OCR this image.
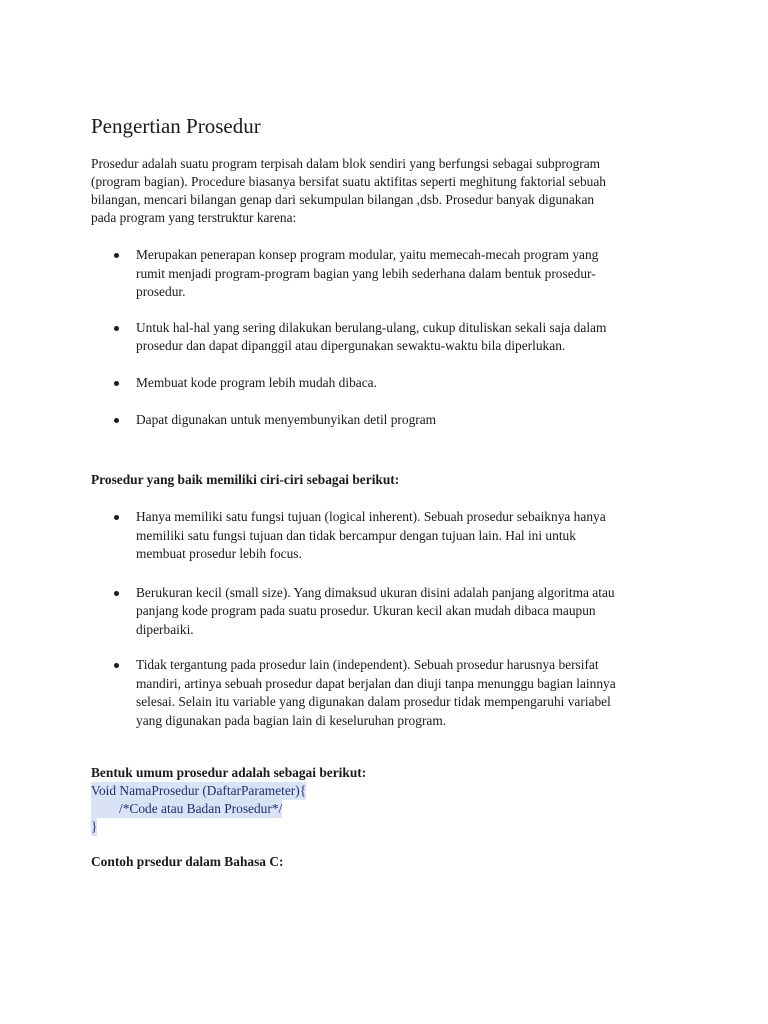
Pengertian Prosedur

Prosedur adalah suatu program terpisah dalam blok sendiri yang berfungsi sebagai subprogram
(program bagian). Procedure biasanya bersifat suatu aktifitas seperti meghitung faktorial sebuah
bilangan, mencari bilangan genap dari sekumpulan bilangan ,dsb. Prosedur banyak digunakan
pada program yang terstruktur karena:

Merupakan penerapan konsep program modular, yaitu memecah-mecah program yang
rumit menjadi program-program bagian yang lebih sederhana dalam bentuk prosedur-
prosedur.
Untuk hal-hal yang sering dilakukan berulang-ulang, cukup dituliskan sekali saja dalam
prosedur dan dapat dipanggil atau dipergunakan sewaktu-waktu bila diperlukan.
Membuat kode program lebih mudah dibaca.
Dapat digunakan untuk menyembunyikan detil program

Prosedur yang baik memiliki ciri-ciri sebagai berikut:

Hanya memiliki satu fungsi tujuan (logical inherent). Sebuah prosedur sebaiknya hanya
memiliki satu fungsi tujuan dan tidak bercampur dengan tujuan lain. Hal ini untuk
membuat prosedur lebih focus.
Berukuran kecil (small size). Yang dimaksud ukuran disini adalah panjang algoritma atau
panjang kode program pada suatu prosedur. Ukuran kecil akan mudah dibaca maupun
diperbaiki.
Tidak tergantung pada prosedur lain (independent). Sebuah prosedur harusnya bersifat
mandiri, artinya sebuah prosedur dapat berjalan dan diuji tanpa menunggu bagian lainnya
selesai. Selain itu variable yang digunakan dalam prosedur tidak mempengaruhi variabel
yang digunakan pada bagian lain di keseluruhan program.

Bentuk umum prosedur adalah sebagai berikut:

Void NamaProsedur (DaftarParameter){
/*Code atau Badan Prosedur*/
}

Contoh prsedur dalam Bahasa C:
